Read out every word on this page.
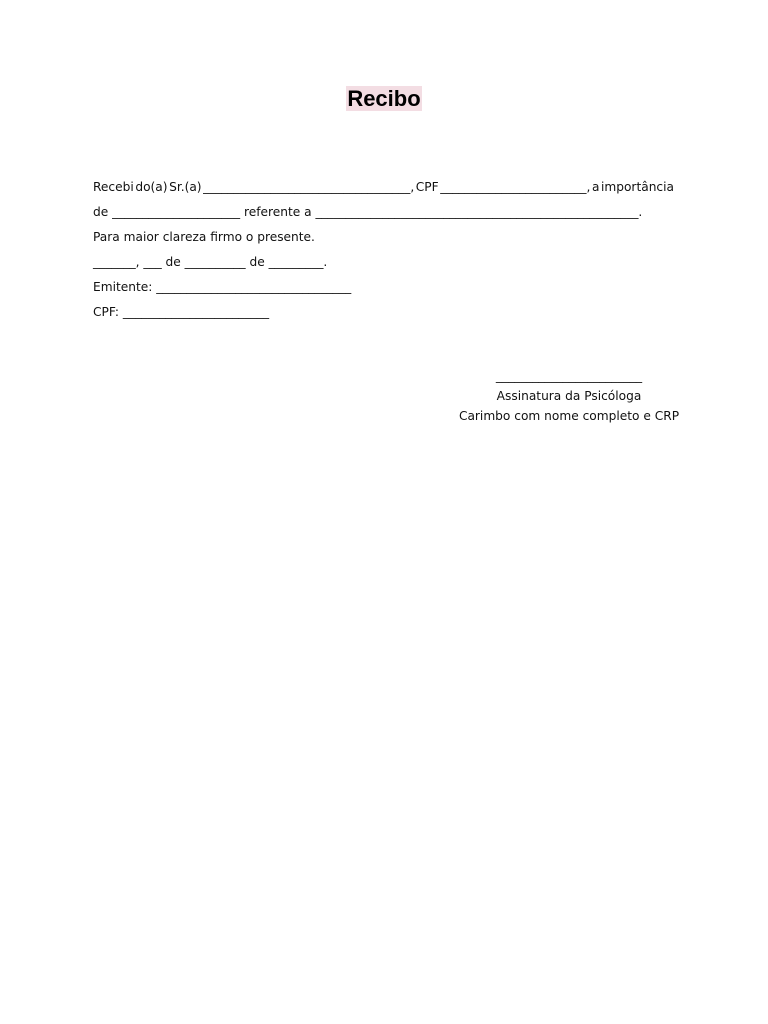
Recibo
Recebi do(a) Sr.(a) __________________________________, CPF ________________________, a importância
de _____________________ referente a _____________________________________________________.
Para maior clareza firmo o presente.
_______, ___ de __________ de _________.
Emitente: ________________________________
CPF: ________________________
________________________
Assinatura da Psicóloga
Carimbo com nome completo e CRP
